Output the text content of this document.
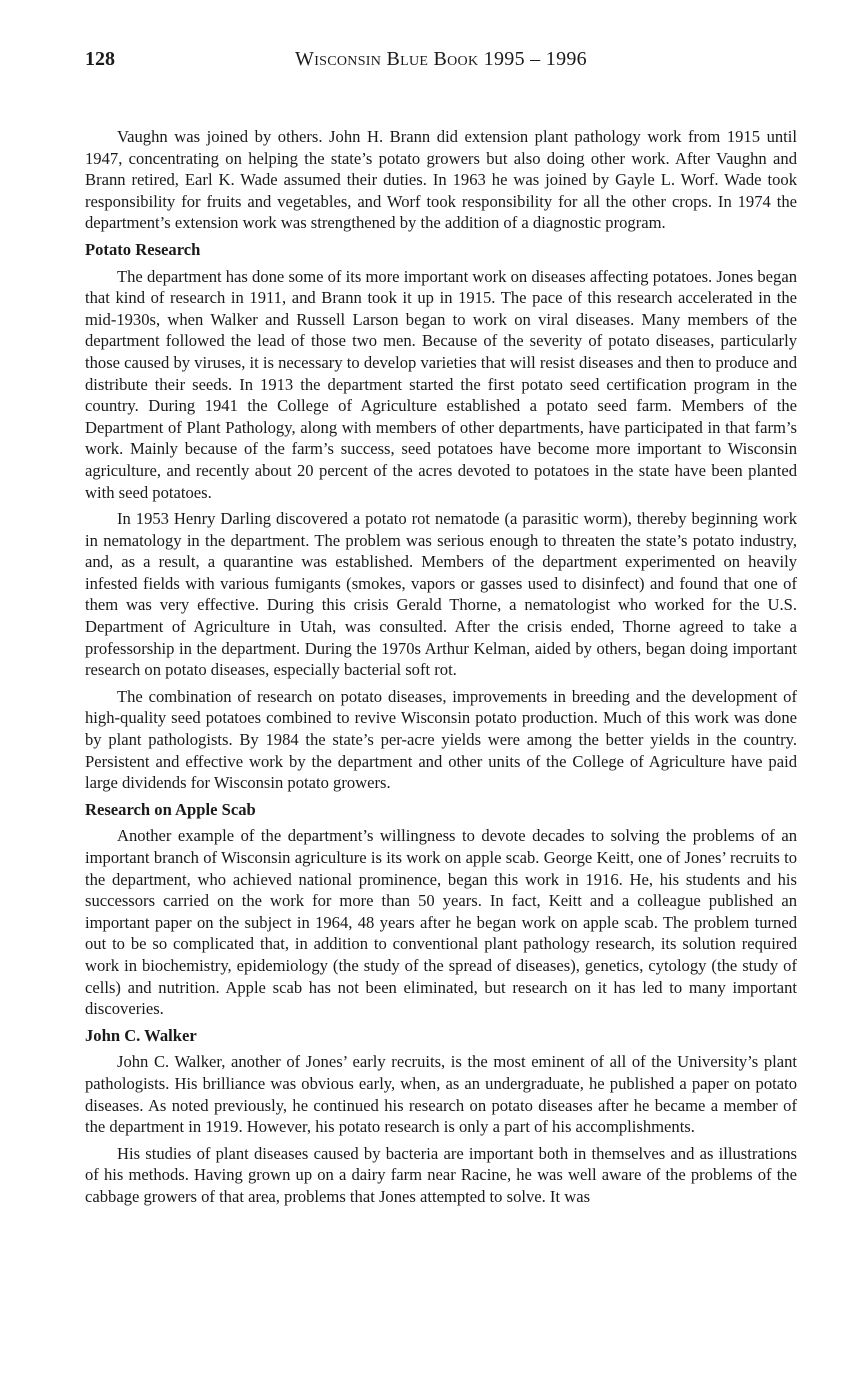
128	Wisconsin Blue Book 1995 – 1996

Vaughn was joined by others. John H. Brann did extension plant pathology work from 1915 until 1947, concentrating on helping the state’s potato growers but also doing other work. After Vaughn and Brann retired, Earl K. Wade assumed their duties. In 1963 he was joined by Gayle L. Worf. Wade took responsibility for fruits and vegetables, and Worf took responsibility for all the other crops. In 1974 the department’s extension work was strengthened by the addition of a diagnostic program.

Potato Research

The department has done some of its more important work on diseases affecting potatoes. Jones began that kind of research in 1911, and Brann took it up in 1915. The pace of this research accelerated in the mid-1930s, when Walker and Russell Larson began to work on viral diseases. Many members of the department followed the lead of those two men. Because of the severity of potato diseases, particularly those caused by viruses, it is necessary to develop varieties that will resist diseases and then to produce and distribute their seeds. In 1913 the department started the first potato seed certification program in the country. During 1941 the College of Agriculture established a potato seed farm. Members of the Department of Plant Pathology, along with members of other departments, have participated in that farm’s work. Mainly because of the farm’s success, seed potatoes have become more important to Wisconsin agriculture, and recently about 20 percent of the acres devoted to potatoes in the state have been planted with seed potatoes.

In 1953 Henry Darling discovered a potato rot nematode (a parasitic worm), thereby beginning work in nematology in the department. The problem was serious enough to threaten the state’s potato industry, and, as a result, a quarantine was established. Members of the department experimented on heavily infested fields with various fumigants (smokes, vapors or gasses used to disinfect) and found that one of them was very effective. During this crisis Gerald Thorne, a nematologist who worked for the U.S. Department of Agriculture in Utah, was consulted. After the crisis ended, Thorne agreed to take a professorship in the department. During the 1970s Arthur Kelman, aided by others, began doing important research on potato diseases, especially bacterial soft rot.

The combination of research on potato diseases, improvements in breeding and the development of high-quality seed potatoes combined to revive Wisconsin potato production. Much of this work was done by plant pathologists. By 1984 the state’s per-acre yields were among the better yields in the country. Persistent and effective work by the department and other units of the College of Agriculture have paid large dividends for Wisconsin potato growers.

Research on Apple Scab

Another example of the department’s willingness to devote decades to solving the problems of an important branch of Wisconsin agriculture is its work on apple scab. George Keitt, one of Jones’ recruits to the department, who achieved national prominence, began this work in 1916. He, his students and his successors carried on the work for more than 50 years. In fact, Keitt and a colleague published an important paper on the subject in 1964, 48 years after he began work on apple scab. The problem turned out to be so complicated that, in addition to conventional plant pathology research, its solution required work in biochemistry, epidemiology (the study of the spread of diseases), genetics, cytology (the study of cells) and nutrition. Apple scab has not been eliminated, but research on it has led to many important discoveries.

John C. Walker

John C. Walker, another of Jones’ early recruits, is the most eminent of all of the University’s plant pathologists. His brilliance was obvious early, when, as an undergraduate, he published a paper on potato diseases. As noted previously, he continued his research on potato diseases after he became a member of the department in 1919. However, his potato research is only a part of his accomplishments.

His studies of plant diseases caused by bacteria are important both in themselves and as illustrations of his methods. Having grown up on a dairy farm near Racine, he was well aware of the problems of the cabbage growers of that area, problems that Jones attempted to solve. It was
